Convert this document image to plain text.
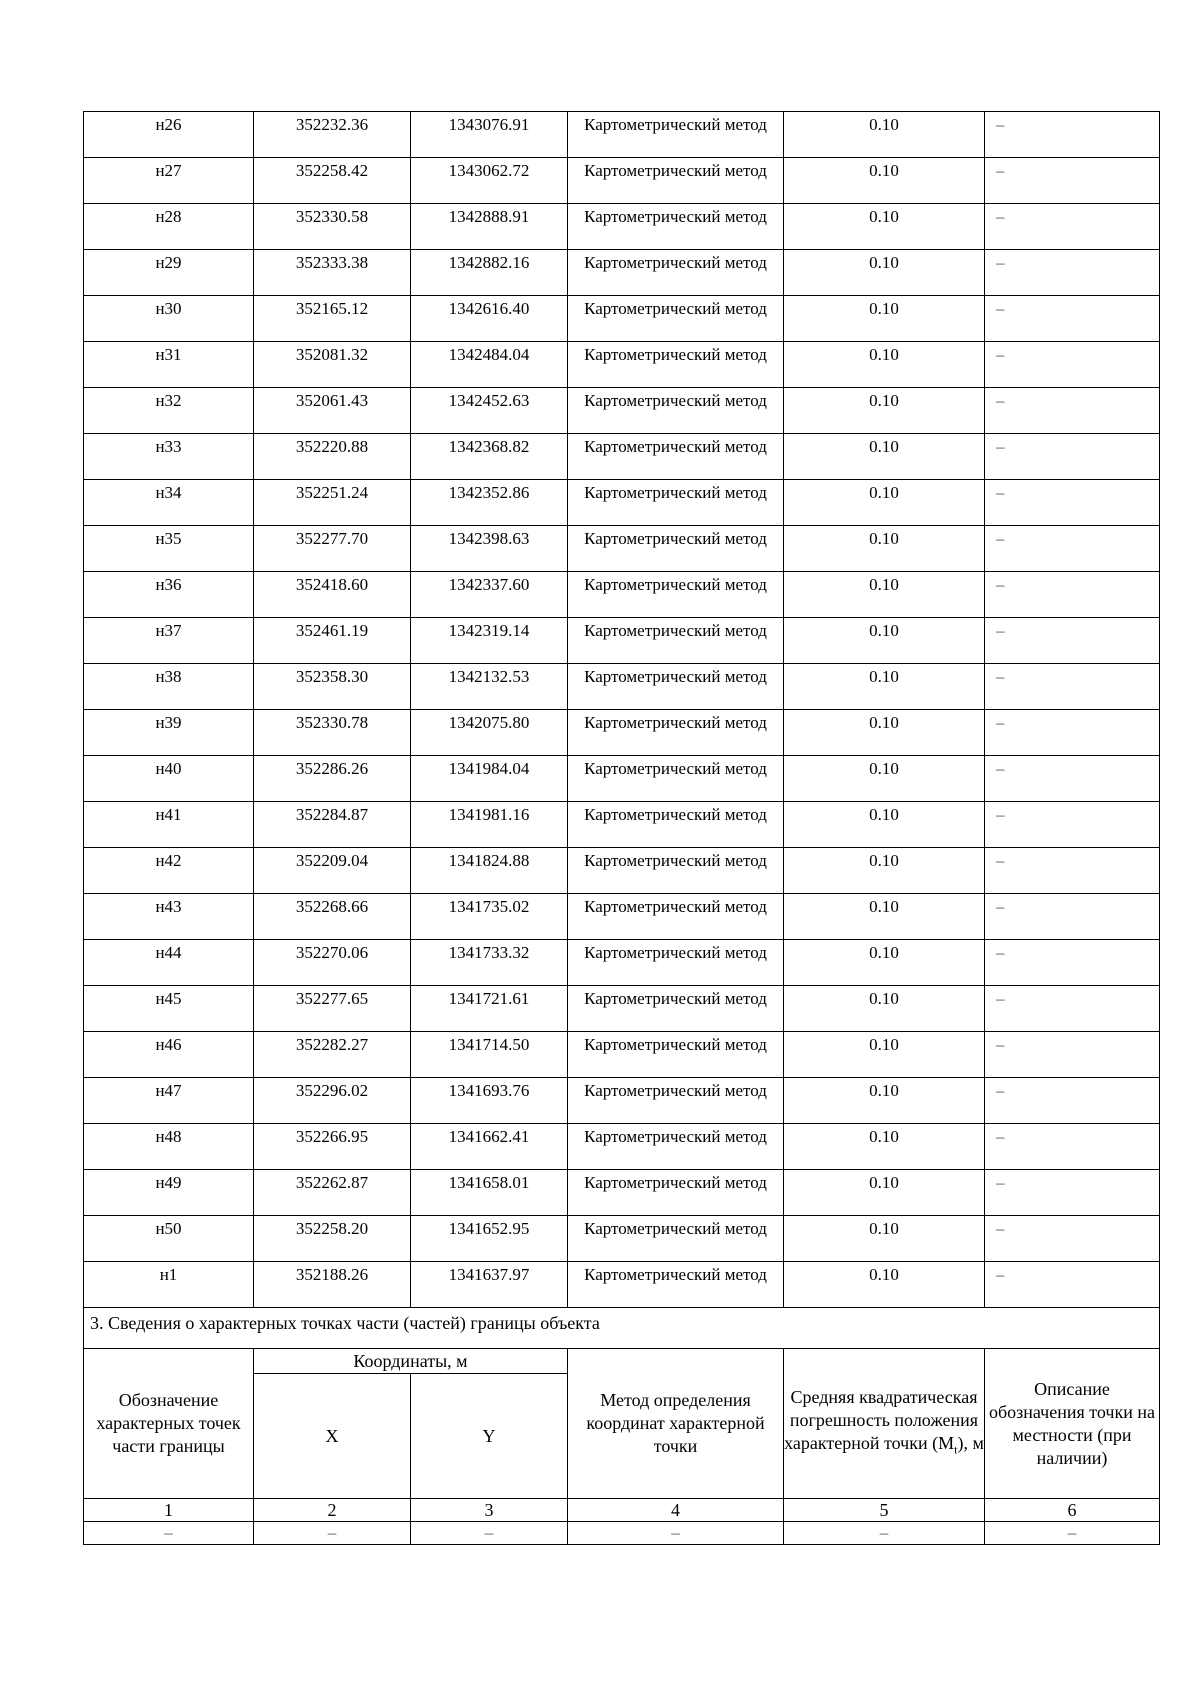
н26	352232.36	1343076.91	Картометрический метод	0.10	–
н27	352258.42	1343062.72	Картометрический метод	0.10	–
н28	352330.58	1342888.91	Картометрический метод	0.10	–
н29	352333.38	1342882.16	Картометрический метод	0.10	–
н30	352165.12	1342616.40	Картометрический метод	0.10	–
н31	352081.32	1342484.04	Картометрический метод	0.10	–
н32	352061.43	1342452.63	Картометрический метод	0.10	–
н33	352220.88	1342368.82	Картометрический метод	0.10	–
н34	352251.24	1342352.86	Картометрический метод	0.10	–
н35	352277.70	1342398.63	Картометрический метод	0.10	–
н36	352418.60	1342337.60	Картометрический метод	0.10	–
н37	352461.19	1342319.14	Картометрический метод	0.10	–
н38	352358.30	1342132.53	Картометрический метод	0.10	–
н39	352330.78	1342075.80	Картометрический метод	0.10	–
н40	352286.26	1341984.04	Картометрический метод	0.10	–
н41	352284.87	1341981.16	Картометрический метод	0.10	–
н42	352209.04	1341824.88	Картометрический метод	0.10	–
н43	352268.66	1341735.02	Картометрический метод	0.10	–
н44	352270.06	1341733.32	Картометрический метод	0.10	–
н45	352277.65	1341721.61	Картометрический метод	0.10	–
н46	352282.27	1341714.50	Картометрический метод	0.10	–
н47	352296.02	1341693.76	Картометрический метод	0.10	–
н48	352266.95	1341662.41	Картометрический метод	0.10	–
н49	352262.87	1341658.01	Картометрический метод	0.10	–
н50	352258.20	1341652.95	Картометрический метод	0.10	–
н1	352188.26	1341637.97	Картометрический метод	0.10	–
3. Сведения о характерных точках части (частей) границы объекта					
Обозначение характерных точек части границы	Координаты, м		Метод определения координат характерной точки	Средняя квадратическая погрешность положения характерной точки $(M_t)$, м	Описание обозначения точки на местности (при наличии)
	X	Y			
1	2	3	4	5	6
–	–	–	–	–	–
